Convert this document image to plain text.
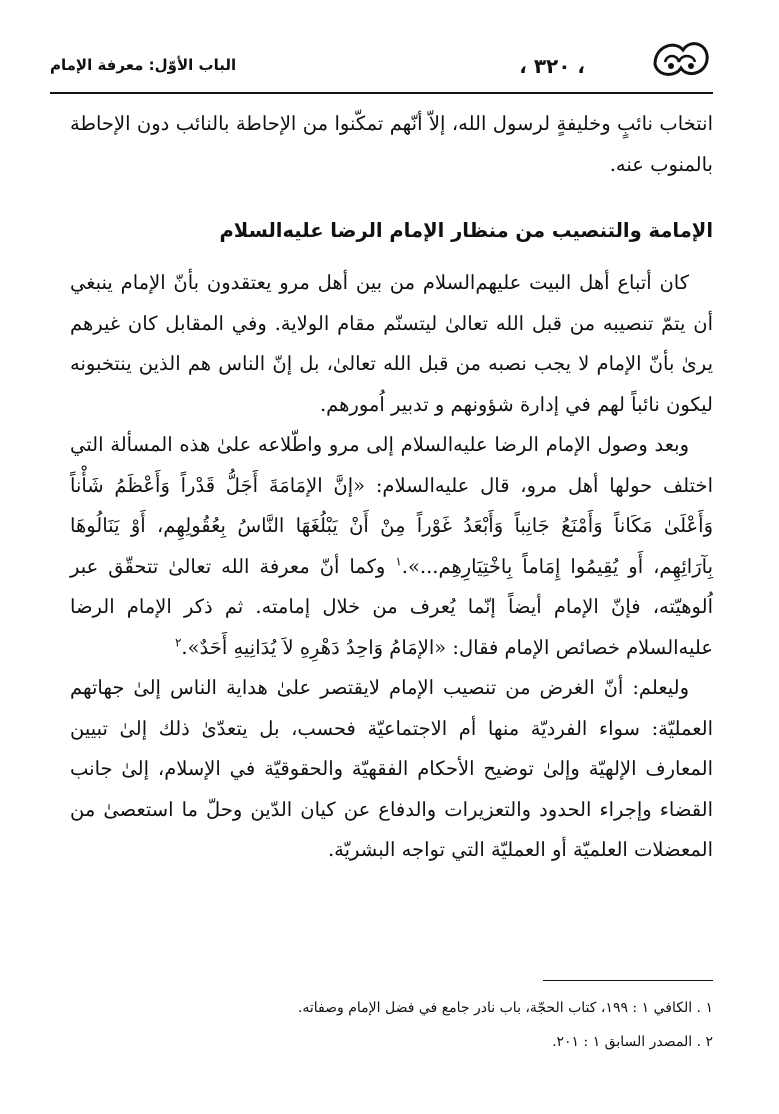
، ٣٢٠ ،
الباب الأوّل: معرفة الإمام

انتخاب نائبٍ وخليفةٍ لرسول الله، إلاّ أنّهم تمكّنوا من الإحاطة بالنائب دون الإحاطة بالمنوب عنه.

الإمامة والتنصيب من منظار الإمام الرضا عليه‌السلام

كان أتباع أهل البيت عليهم‌السلام من بين أهل مرو يعتقدون بأنّ الإمام ينبغي أن يتمّ تنصيبه من قبل الله تعالىٰ ليتسنّم مقام الولاية. وفي المقابل كان غيرهم يرىٰ بأنّ الإمام لا يجب نصبه من قبل الله تعالىٰ، بل إنّ الناس هم الذين ينتخبونه ليكون نائباً لهم في إدارة شؤونهم و تدبير اُمورهم.

وبعد وصول الإمام الرضا عليه‌السلام إلى مرو واطّلاعه علىٰ هذه المسألة التي اختلف حولها أهل مرو، قال عليه‌السلام: «إنَّ الإمَامَةَ أَجَلُّ قَدْراً وَأَعْظَمُ شَأْناً وَأَعْلَىٰ مَكَاناً وَأَمْنَعُ جَانِباً وَأَبْعَدُ غَوْراً مِنْ أَنْ يَبْلُغَهَا النَّاسُ بِعُقُولِهِم، أَوْ يَنَالُوهَا بِآرَائِهِم، أَو يُقِيمُوا إِمَاماً بِاخْتِيَارِهِم...».$^١$ وكما أنّ معرفة الله تعالىٰ تتحقّق عبر اُلوهيّته، فإنّ الإمام أيضاً إنّما يُعرف من خلال إمامته. ثم ذكر الإمام الرضا عليه‌السلام خصائص الإمام فقال: «الإمَامُ وَاحِدُ دَهْرِهِ لاَ يُدَانِيهِ أَحَدٌ».$^٢$

وليعلم: أنّ الغرض من تنصيب الإمام لايقتصر علىٰ هداية الناس إلىٰ جهاتهم العمليّة: سواء الفرديّة منها أم الاجتماعيّة فحسب، بل يتعدّىٰ ذلك إلىٰ تبيين المعارف الإلهيّة وإلىٰ توضيح الأحكام الفقهيّة والحقوقيّة في الإسلام، إلىٰ جانب القضاء وإجراء الحدود والتعزيرات والدفاع عن كيان الدّين وحلّ ما استعصىٰ من المعضلات العلميّة أو العمليّة التي تواجه البشريّة.

١ . الكافي ١ : ١٩٩، كتاب الحجّة، باب نادر جامع في فضل الإمام وصفاته.

٢ . المصدر السابق ١ : ٢٠١.
